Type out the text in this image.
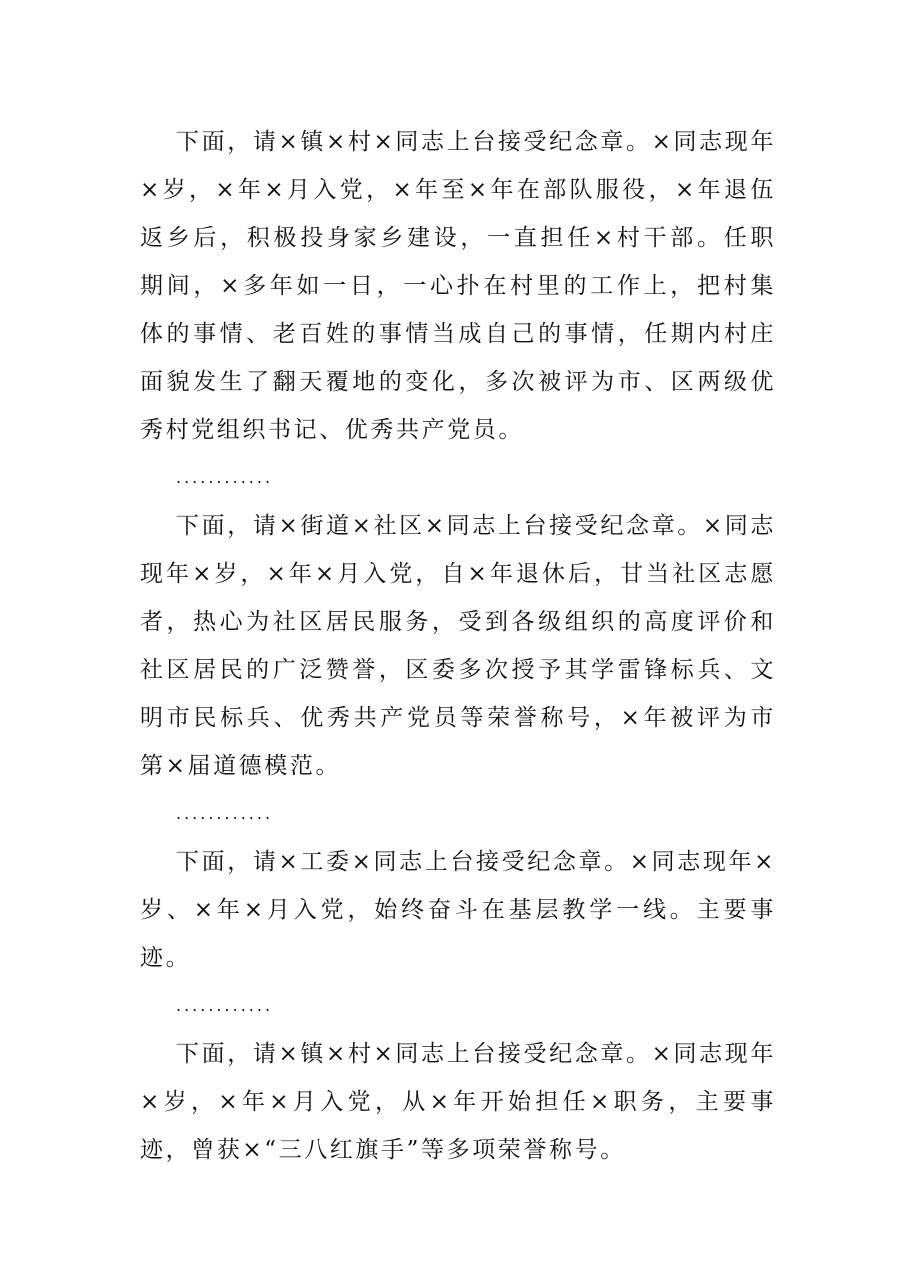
下面，请×镇×村×同志上台接受纪念章。×同志现年×岁，×年×月入党，×年至×年在部队服役，×年退伍返乡后，积极投身家乡建设，一直担任×村干部。任职期间，×多年如一日，一心扑在村里的工作上，把村集体的事情、老百姓的事情当成自己的事情，任期内村庄面貌发生了翻天覆地的变化，多次被评为市、区两级优秀村党组织书记、优秀共产党员。

............

下面，请×街道×社区×同志上台接受纪念章。×同志现年×岁，×年×月入党，自×年退休后，甘当社区志愿者，热心为社区居民服务，受到各级组织的高度评价和社区居民的广泛赞誉，区委多次授予其学雷锋标兵、文明市民标兵、优秀共产党员等荣誉称号，×年被评为市第×届道德模范。

............

下面，请×工委×同志上台接受纪念章。×同志现年×岁、×年×月入党，始终奋斗在基层教学一线。主要事迹。

............

下面，请×镇×村×同志上台接受纪念章。×同志现年×岁，×年×月入党，从×年开始担任×职务，主要事迹，曾获×“三八红旗手”等多项荣誉称号。
